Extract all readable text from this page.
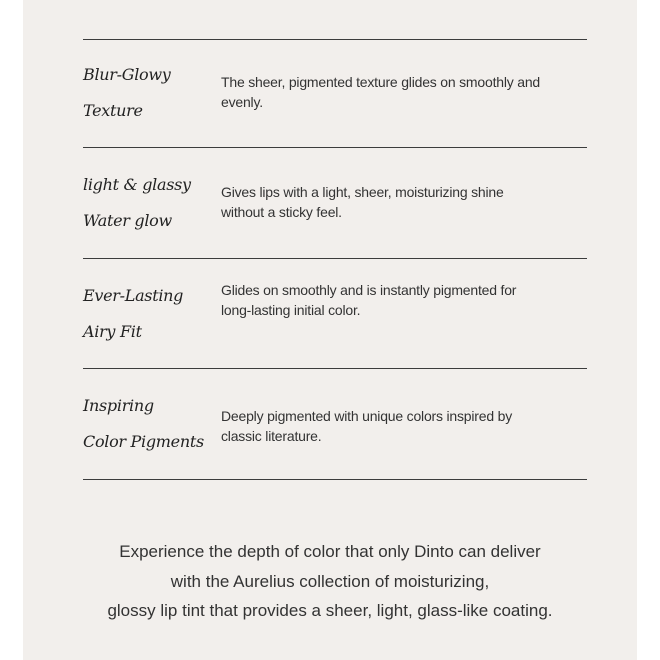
Blur-Glowy
Texture
The sheer, pigmented texture glides on smoothly and evenly.
light & glassy
Water glow
Gives lips with a light, sheer, moisturizing shine without a sticky feel.
Ever-Lasting
Airy Fit
Glides on smoothly and is instantly pigmented for long-lasting initial color.
Inspiring
Color Pigments
Deeply pigmented with unique colors inspired by classic literature.
Experience the depth of color that only Dinto can deliver
with the Aurelius collection of moisturizing,
glossy lip tint that provides a sheer, light, glass-like coating.
